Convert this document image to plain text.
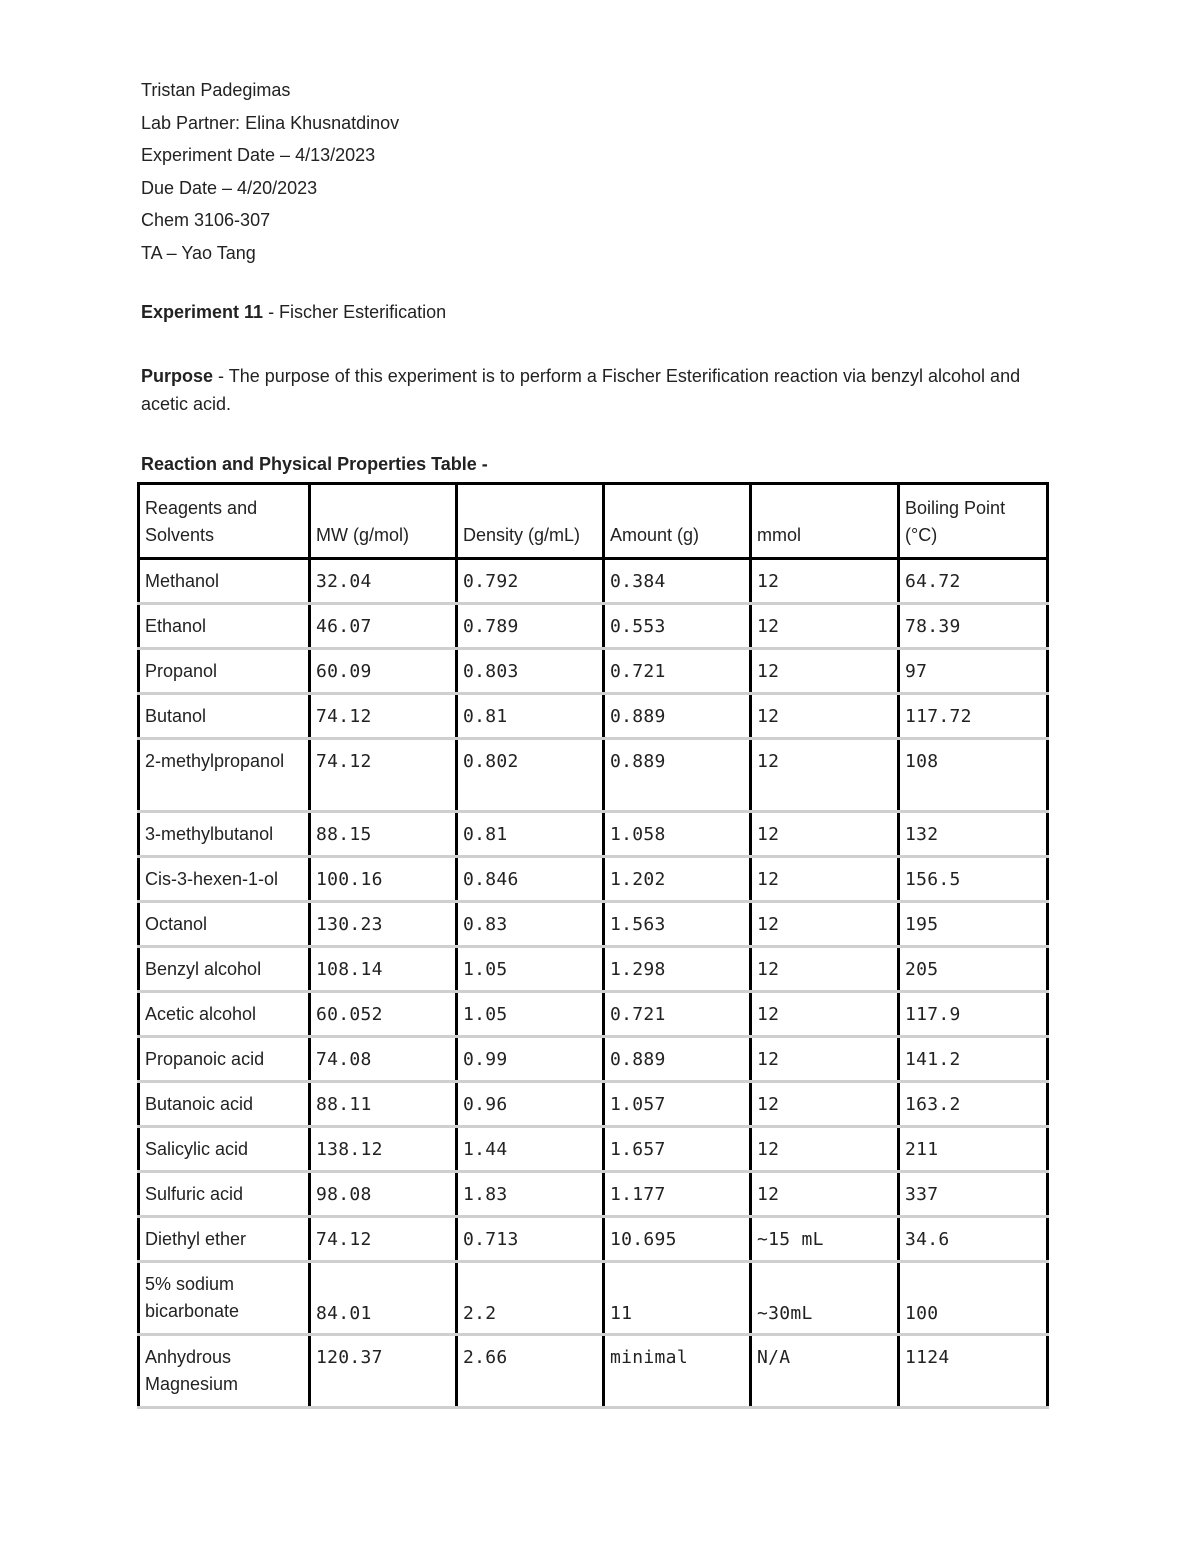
Tristan Padegimas
Lab Partner: Elina Khusnatdinov
Experiment Date – 4/13/2023
Due Date – 4/20/2023
Chem 3106-307
TA – Yao Tang
Experiment 11 - Fischer Esterification
Purpose - The purpose of this experiment is to perform a Fischer Esterification reaction via benzyl alcohol and acetic acid.
Reaction and Physical Properties Table -
Reagents and Solvents	MW (g/mol)	Density (g/mL)	Amount (g)	mmol	Boiling Point (°C)
Methanol	32.04	0.792	0.384	12	64.72
Ethanol	46.07	0.789	0.553	12	78.39
Propanol	60.09	0.803	0.721	12	97
Butanol	74.12	0.81	0.889	12	117.72
2-methylpropanol	74.12	0.802	0.889	12	108
3-methylbutanol	88.15	0.81	1.058	12	132
Cis-3-hexen-1-ol	100.16	0.846	1.202	12	156.5
Octanol	130.23	0.83	1.563	12	195
Benzyl alcohol	108.14	1.05	1.298	12	205
Acetic alcohol	60.052	1.05	0.721	12	117.9
Propanoic acid	74.08	0.99	0.889	12	141.2
Butanoic acid	88.11	0.96	1.057	12	163.2
Salicylic acid	138.12	1.44	1.657	12	211
Sulfuric acid	98.08	1.83	1.177	12	337
Diethyl ether	74.12	0.713	10.695	~15 mL	34.6
5% sodium bicarbonate	84.01	2.2	11	~30mL	100
Anhydrous Magnesium	120.37	2.66	minimal	N/A	1124
